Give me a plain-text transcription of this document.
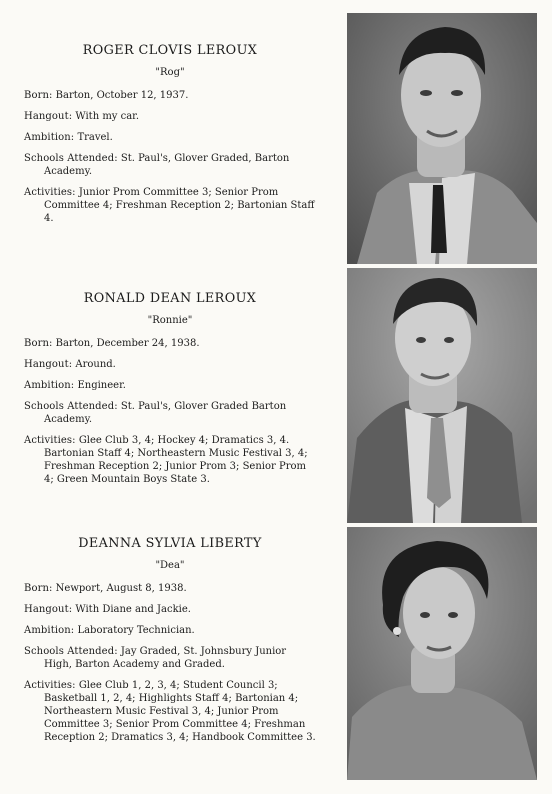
ROGER CLOVIS LEROUX
"Rog"
Born: Barton, October 12, 1937.
Hangout: With my car.
Ambition: Travel.
Schools Attended: St. Paul's, Glover Graded, Barton Academy.
Activities: Junior Prom Committee 3; Senior Prom Committee 4; Freshman Reception 2; Bartonian Staff 4.
RONALD DEAN LEROUX
"Ronnie"
Born: Barton, December 24, 1938.
Hangout: Around.
Ambition: Engineer.
Schools Attended: St. Paul's, Glover Graded Barton Academy.
Activities: Glee Club 3, 4; Hockey 4; Dramatics 3, 4. Bartonian Staff 4; Northeastern Music Festival 3, 4; Freshman Reception 2; Junior Prom 3; Senior Prom 4; Green Mountain Boys State 3.
DEANNA SYLVIA LIBERTY
"Dea"
Born: Newport, August 8, 1938.
Hangout: With Diane and Jackie.
Ambition: Laboratory Technician.
Schools Attended: Jay Graded, St. Johnsbury Junior High, Barton Academy and Graded.
Activities: Glee Club 1, 2, 3, 4; Student Council 3; Basketball 1, 2, 4; Highlights Staff 4; Bartonian 4; Northeastern Music Festival 3, 4; Junior Prom Committee 3; Senior Prom Committee 4; Freshman Reception 2; Dramatics 3, 4; Handbook Committee 3.
